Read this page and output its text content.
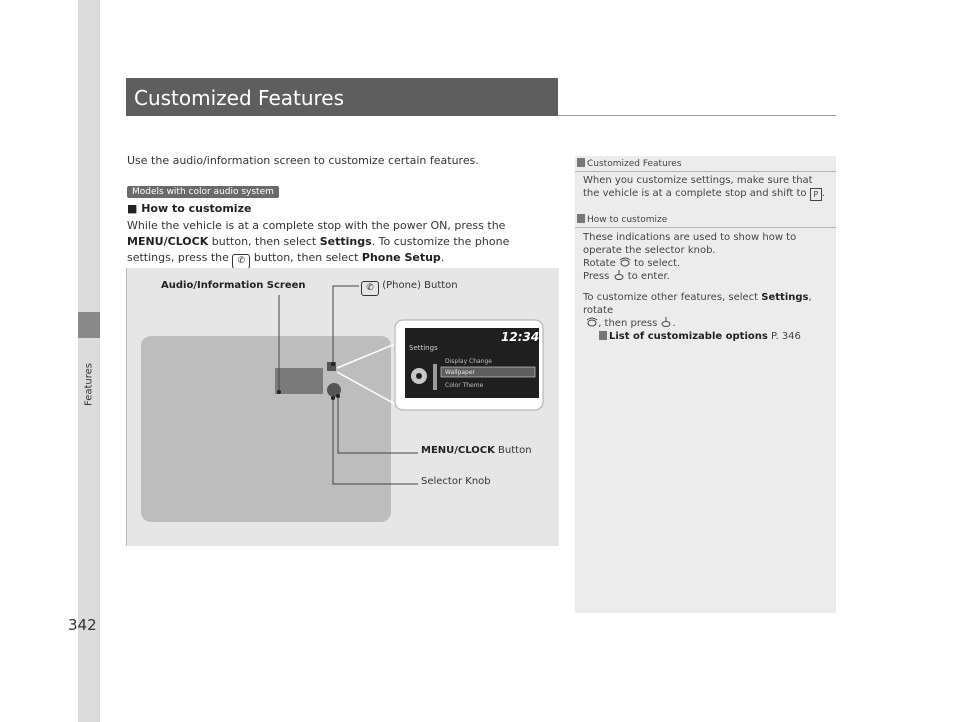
Features
342
Customized Features
Use the audio/information screen to customize certain features.
Models with color audio system
■ How to customize
While the vehicle is at a complete stop with the power ON, press the MENU/CLOCK button, then select Settings. To customize the phone settings, press the ✆ button, then select Phone Setup.
12:34
Settings
Display Change
Wallpaper
Color Theme
Audio/Information Screen	✆ (Phone) Button
MENU/CLOCK Button
Selector Knob
Customized Features
When you customize settings, make sure that the vehicle is at a complete stop and shift to P .
How to customize
These indications are used to show how to operate the selector knob.
Rotate  to select.
Press  to enter.
To customize other features, select Settings, rotate
, then press .
List of customizable options P. 346
